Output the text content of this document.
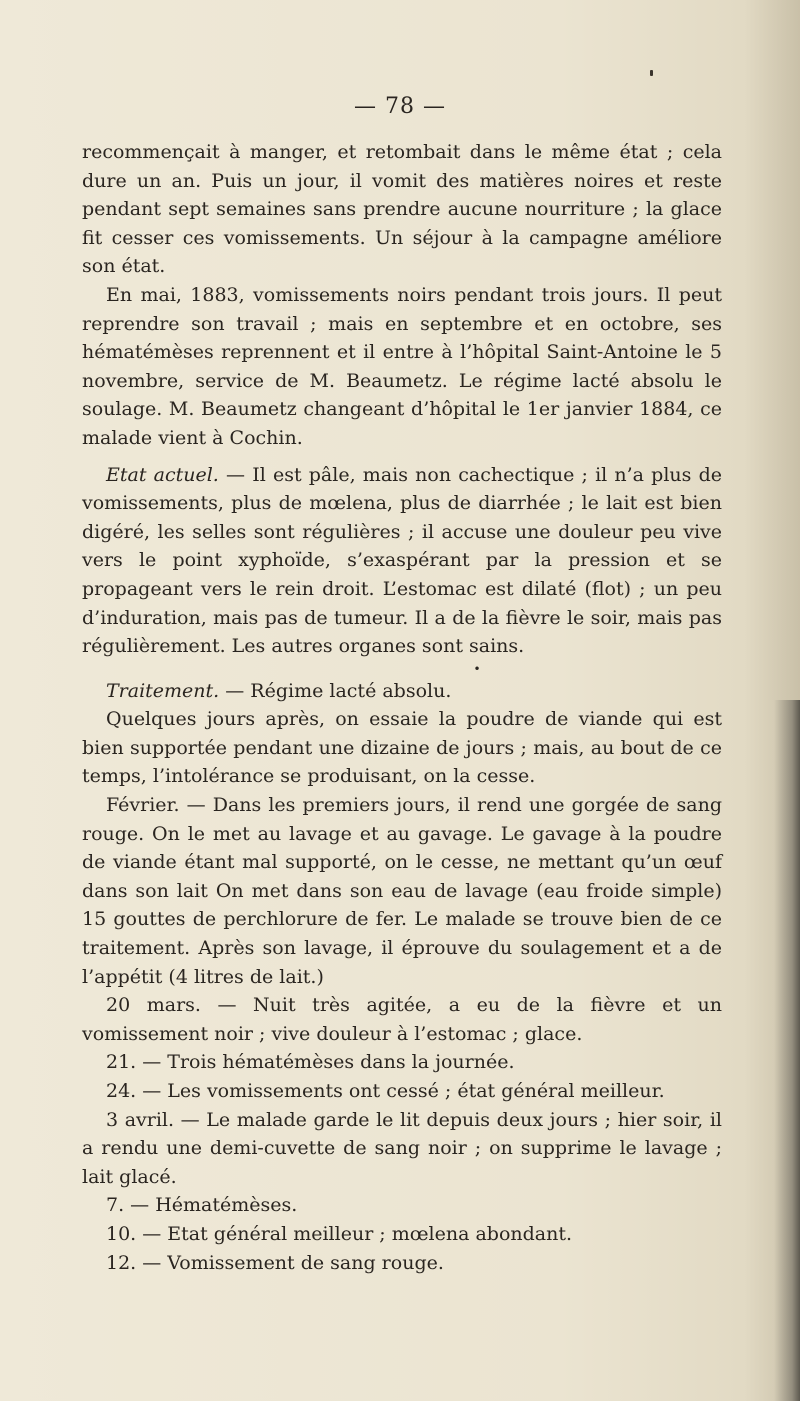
— 78 —

recommençait à manger, et retombait dans le même état ; cela dure un an. Puis un jour, il vomit des matières noires et reste pendant sept semaines sans prendre aucune nourriture ; la glace fit cesser ces vomissements. Un séjour à la campagne améliore son état.

En mai, 1883, vomissements noirs pendant trois jours. Il peut reprendre son travail ; mais en septembre et en octobre, ses hématémèses reprennent et il entre à l’hôpital Saint-Antoine le 5 novembre, service de M. Beaumetz. Le régime lacté absolu le soulage. M. Beaumetz changeant d’hôpital le 1er janvier 1884, ce malade vient à Cochin.

Etat actuel. — Il est pâle, mais non cachectique ; il n’a plus de vomissements, plus de mœlena, plus de diarrhée ; le lait est bien digéré, les selles sont régulières ; il accuse une douleur peu vive vers le point xyphoïde, s’exaspérant par la pression et se propageant vers le rein droit. L’estomac est dilaté (flot) ; un peu d’induration, mais pas de tumeur. Il a de la fièvre le soir, mais pas régulièrement. Les autres organes sont sains.

•

Traitement. — Régime lacté absolu.

Quelques jours après, on essaie la poudre de viande qui est bien supportée pendant une dizaine de jours ; mais, au bout de ce temps, l’intolérance se produisant, on la cesse.

Février. — Dans les premiers jours, il rend une gorgée de sang rouge. On le met au lavage et au gavage. Le gavage à la poudre de viande étant mal supporté, on le cesse, ne mettant qu’un œuf dans son lait On met dans son eau de lavage (eau froide simple) 15 gouttes de perchlorure de fer. Le malade se trouve bien de ce traitement. Après son lavage, il éprouve du soulagement et a de l’appétit (4 litres de lait.)

20 mars. — Nuit très agitée, a eu de la fièvre et un vomissement noir ; vive douleur à l’estomac ; glace.

21. — Trois hématémèses dans la journée.

24. — Les vomissements ont cessé ; état général meilleur.

3 avril. — Le malade garde le lit depuis deux jours ; hier soir, il a rendu une demi-cuvette de sang noir ; on supprime le lavage ; lait glacé.

7. — Hématémèses.

10. — Etat général meilleur ; mœlena abondant.

12. — Vomissement de sang rouge.
